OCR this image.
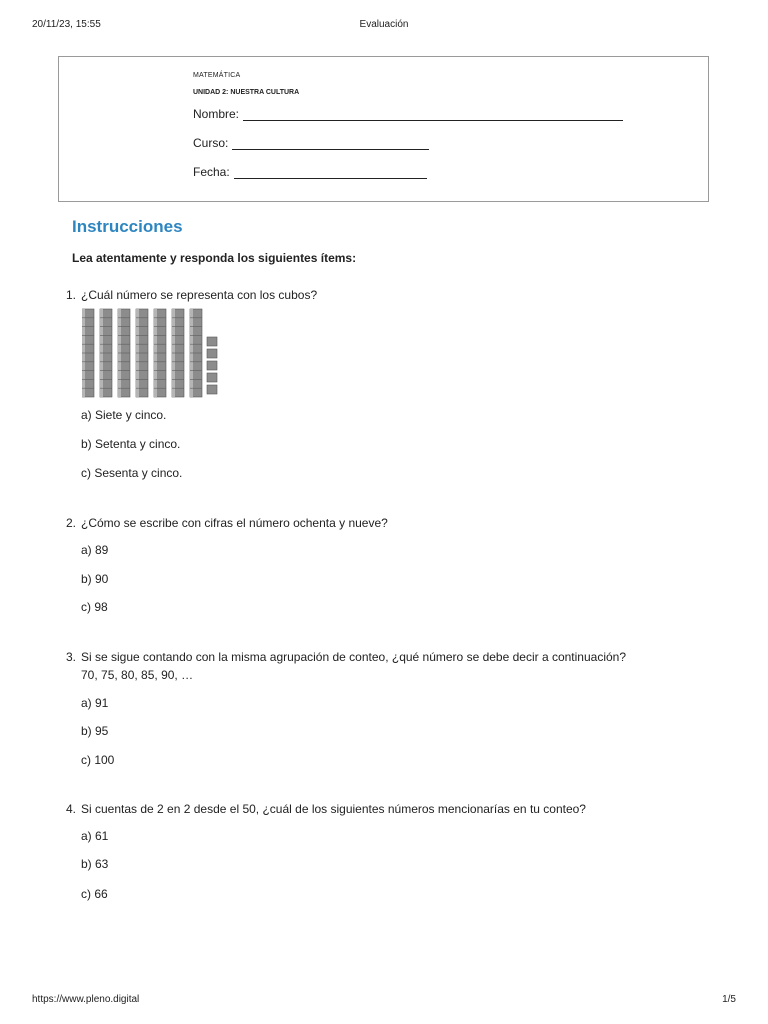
20/11/23, 15:55	Evaluación
MATEMÁTICA
UNIDAD 2: NUESTRA CULTURA
Nombre:
Curso:
Fecha:
Instrucciones
Lea atentamente y responda los siguientes ítems:
1. ¿Cuál número se representa con los cubos?
a) Siete y cinco.
b) Setenta y cinco.
c) Sesenta y cinco.
2. ¿Cómo se escribe con cifras el número ochenta y nueve?
a) 89
b) 90
c) 98
3. Si se sigue contando con la misma agrupación de conteo, ¿qué número se debe decir a continuación?
70, 75, 80, 85, 90, …
a) 91
b) 95
c) 100
4. Si cuentas de 2 en 2 desde el 50, ¿cuál de los siguientes números mencionarías en tu conteo?
a) 61
b) 63
c) 66
https://www.pleno.digital	1/5
